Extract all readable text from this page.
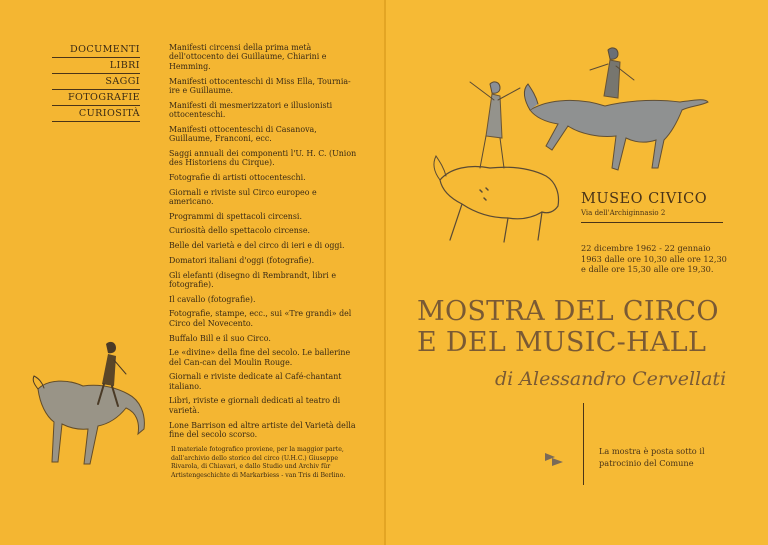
DOCUMENTI
LIBRI
SAGGI
FOTOGRAFIE
CURIOSITÀ
Manifesti circensi della prima metà dell'ottocento dei Guillaume, Chiarini e Hemming.
Manifesti ottocenteschi di Miss Ella, Tournia-ire e Guillaume.
Manifesti di mesmerizzatori e illusionisti ottocenteschi.
Manifesti ottocenteschi di Casanova, Guillaume, Franconi, ecc.
Saggi annuali dei componenti l'U. H. C. (Union des Historiens du Cirque).
Fotografie di artisti ottocenteschi.
Giornali e riviste sul Circo europeo e americano.
Programmi di spettacoli circensi.
Curiosità dello spettacolo circense.
Belle del varietà e del circo di ieri e di oggi.
Domatori italiani d'oggi (fotografie).
Gli elefanti (disegno di Rembrandt, libri e fotografie).
Il cavallo (fotografie).
Fotografie, stampe, ecc., sui «Tre grandi» del Circo del Novecento.
Buffalo Bill e il suo Circo.
Le «divine» della fine del secolo. Le ballerine del Can-can del Moulin Rouge.
Giornali e riviste dedicate al Café-chantant italiano.
Libri, riviste e giornali dedicati al teatro di varietà.
Lone Barrison ed altre artiste del Varietà della fine del secolo scorso.
Il materiale fotografico proviene, per la maggior parte, dall'archivio dello storico del circo (U.H.C.) Giuseppe Rivarola, di Chiavari, e dallo Studio und Archiv für Artistengeschichte di Markarbiess - van Tris di Berlino.
MUSEO CIVICO
Via dell'Archiginnasio 2
22 dicembre 1962 - 22 gennaio 1963 dalle ore 10,30 alle ore 12,30 e dalle ore 15,30 alle ore 19,30.
MOSTRA DEL CIRCO
E DEL MUSIC-HALL
di Alessandro Cervellati
La mostra è posta sotto il patrocinio del Comune
